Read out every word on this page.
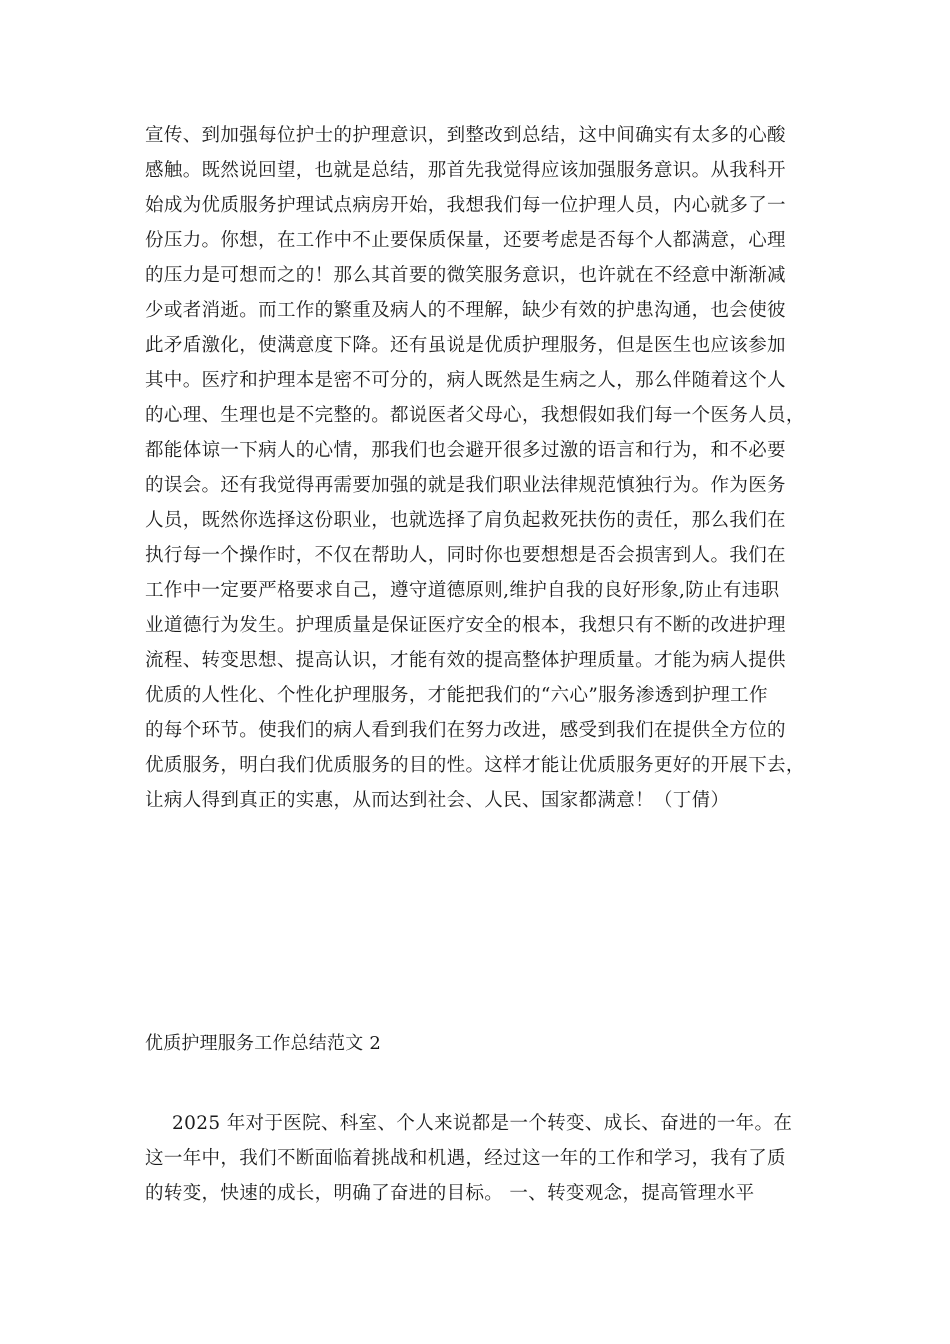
宣传、到加强每位护士的护理意识，到整改到总结，这中间确实有太多的心酸
感触。既然说回望，也就是总结，那首先我觉得应该加强服务意识。从我科开
始成为优质服务护理试点病房开始，我想我们每一位护理人员，内心就多了一
份压力。你想，在工作中不止要保质保量，还要考虑是否每个人都满意，心理
的压力是可想而之的！那么其首要的微笑服务意识，也许就在不经意中渐渐减
少或者消逝。而工作的繁重及病人的不理解，缺少有效的护患沟通，也会使彼
此矛盾激化，使满意度下降。还有虽说是优质护理服务，但是医生也应该参加
其中。医疗和护理本是密不可分的，病人既然是生病之人，那么伴随着这个人
的心理、生理也是不完整的。都说医者父母心，我想假如我们每一个医务人员，
都能体谅一下病人的心情，那我们也会避开很多过激的语言和行为，和不必要
的误会。还有我觉得再需要加强的就是我们职业法律规范慎独行为。作为医务
人员，既然你选择这份职业，也就选择了肩负起救死扶伤的责任，那么我们在
执行每一个操作时，不仅在帮助人，同时你也要想想是否会损害到人。我们在
工作中一定要严格要求自己，遵守道德原则,维护自我的良好形象,防止有违职
业道德行为发生。护理质量是保证医疗安全的根本，我想只有不断的改进护理
流程、转变思想、提高认识，才能有效的提高整体护理质量。才能为病人提供
优质的人性化、个性化护理服务，才能把我们的“六心”服务渗透到护理工作
的每个环节。使我们的病人看到我们在努力改进，感受到我们在提供全方位的
优质服务，明白我们优质服务的目的性。这样才能让优质服务更好的开展下去，
让病人得到真正的实惠，从而达到社会、人民、国家都满意！（丁倩）
优质护理服务工作总结范文 2
2025 年对于医院、科室、个人来说都是一个转变、成长、奋进的一年。在
这一年中，我们不断面临着挑战和机遇，经过这一年的工作和学习，我有了质
的转变，快速的成长，明确了奋进的目标。 一、转变观念，提高管理水平
